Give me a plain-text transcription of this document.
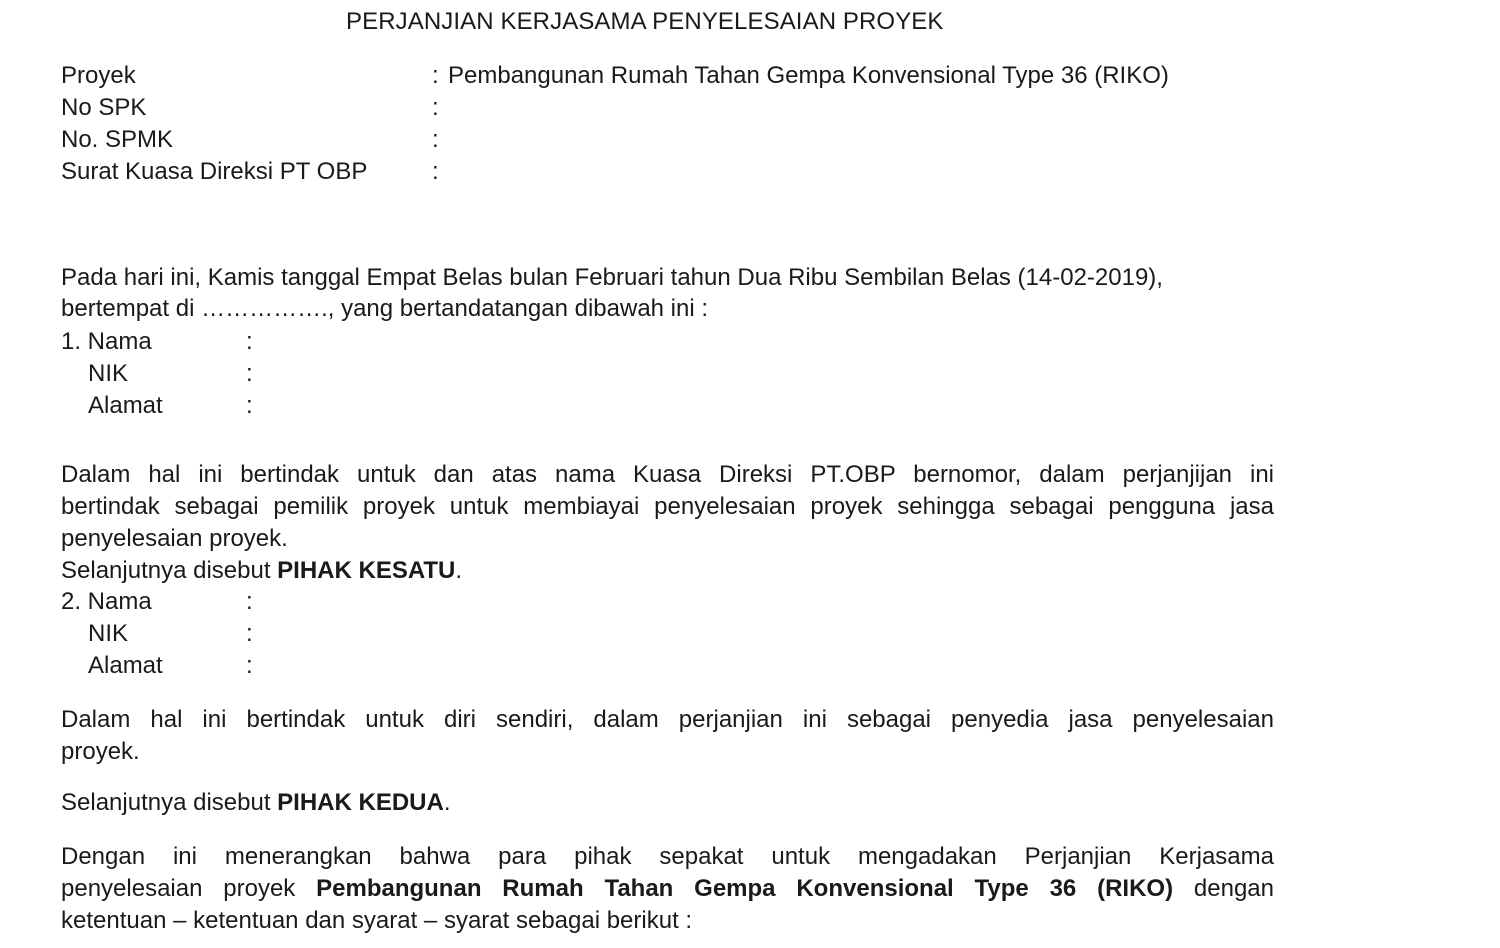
PERJANJIAN KERJASAMA PENYELESAIAN PROYEK
Proyek	: Pembangunan Rumah Tahan Gempa Konvensional Type 36 (RIKO)
No SPK	:
No. SPMK	:
Surat Kuasa Direksi PT OBP	:
Pada hari ini, Kamis tanggal Empat Belas bulan Februari tahun Dua Ribu Sembilan Belas (14-02-2019),
bertempat di ……………., yang bertandatangan dibawah ini :
1. Nama	:
NIK	:
Alamat	:
Dalam hal ini bertindak untuk dan atas nama Kuasa Direksi PT.OBP bernomor, dalam perjanjijan ini
bertindak sebagai pemilik proyek untuk membiayai penyelesaian proyek sehingga sebagai pengguna jasa
penyelesaian proyek.
Selanjutnya disebut PIHAK KESATU.
2. Nama	:
NIK	:
Alamat	:
Dalam hal ini bertindak untuk diri sendiri, dalam perjanjian ini sebagai penyedia jasa penyelesaian
proyek.
Selanjutnya disebut PIHAK KEDUA.
Dengan ini menerangkan bahwa para pihak sepakat untuk mengadakan Perjanjian Kerjasama
penyelesaian proyek Pembangunan Rumah Tahan Gempa Konvensional Type 36 (RIKO) dengan
ketentuan – ketentuan dan syarat – syarat sebagai berikut :
